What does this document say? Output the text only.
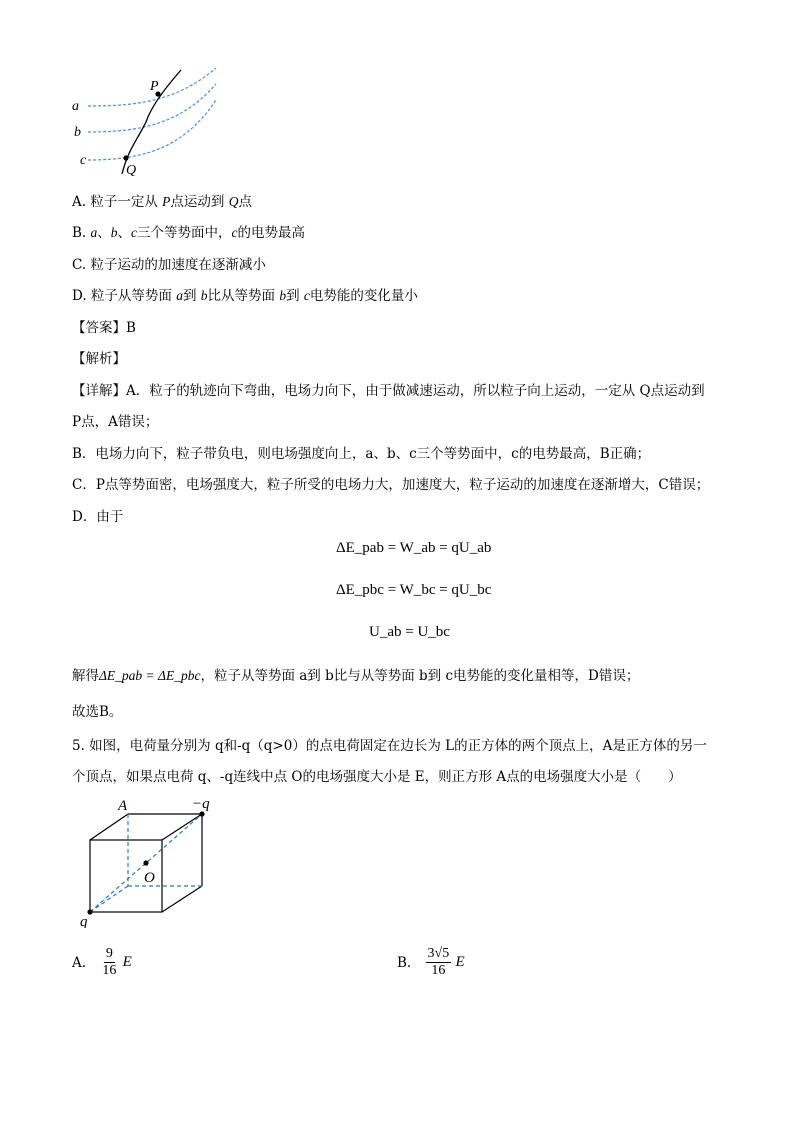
a
b
c
P
Q
A. 粒子一定从 P点运动到 Q点
B. a、b、c三个等势面中，c的电势最高
C. 粒子运动的加速度在逐渐减小
D. 粒子从等势面 a到 b比从等势面 b到 c电势能的变化量小
【答案】B
【解析】
【详解】A．粒子的轨迹向下弯曲，电场力向下，由于做减速运动，所以粒子向上运动，一定从 Q点运动到
P点，A错误；
B．电场力向下，粒子带负电，则电场强度向上，a、b、c三个等势面中，c的电势最高，B正确；
C．P点等势面密，电场强度大，粒子所受的电场力大，加速度大，粒子运动的加速度在逐渐增大，C错误；
D．由于
ΔE_pab = W_ab = qU_ab
ΔE_pbc = W_bc = qU_bc
U_ab = U_bc
解得ΔE_pab = ΔE_pbc，粒子从等势面 a到 b比与从等势面 b到 c电势能的变化量相等，D错误；
故选B。
5. 如图，电荷量分别为 q和-q（q>0）的点电荷固定在边长为 L的正方体的两个顶点上，A是正方体的另一
个顶点，如果点电荷 q、-q连线中点 O的电场强度大小是 E，则正方形 A点的电场强度大小是（　　）
A	−q
O
q
A. $\frac{9}{16}$ E	B. $\frac{3√5}{16}$ E
